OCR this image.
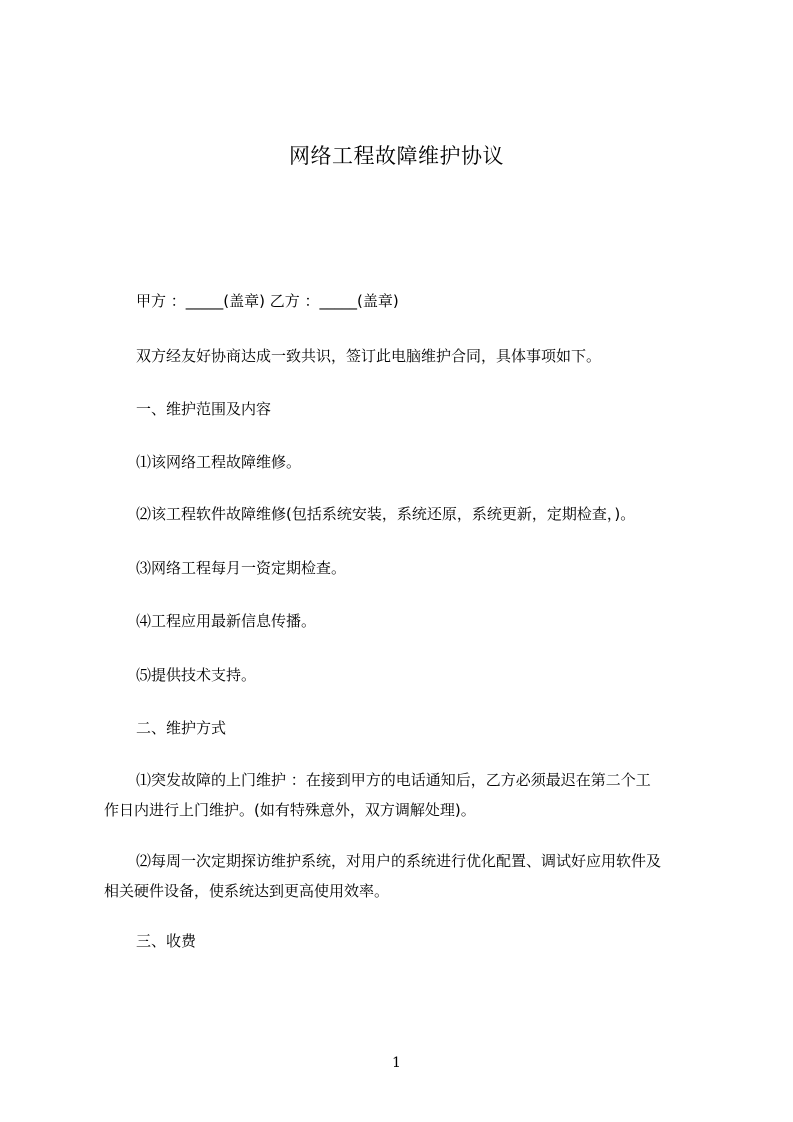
网络工程故障维护协议
甲方 ：_____(盖章) 乙方 ：_____(盖章)
双方经友好协商达成一致共识，签订此电脑维护合同，具体事项如下。
一、维护范围及内容
⑴该网络工程故障维修。
⑵该工程软件故障维修(包括系统安装，系统还原，系统更新，定期检查，)。
⑶网络工程每月一资定期检查。
⑷工程应用最新信息传播。
⑸提供技术支持。
二、维护方式
⑴突发故障的上门维护 ：在接到甲方的电话通知后，乙方必须最迟在第二个工
作日内进行上门维护。(如有特殊意外，双方调解处理)。
⑵每周一次定期探访维护系统，对用户的系统进行优化配置、调试好应用软件及
相关硬件设备，使系统达到更高使用效率。
三、收费
1
